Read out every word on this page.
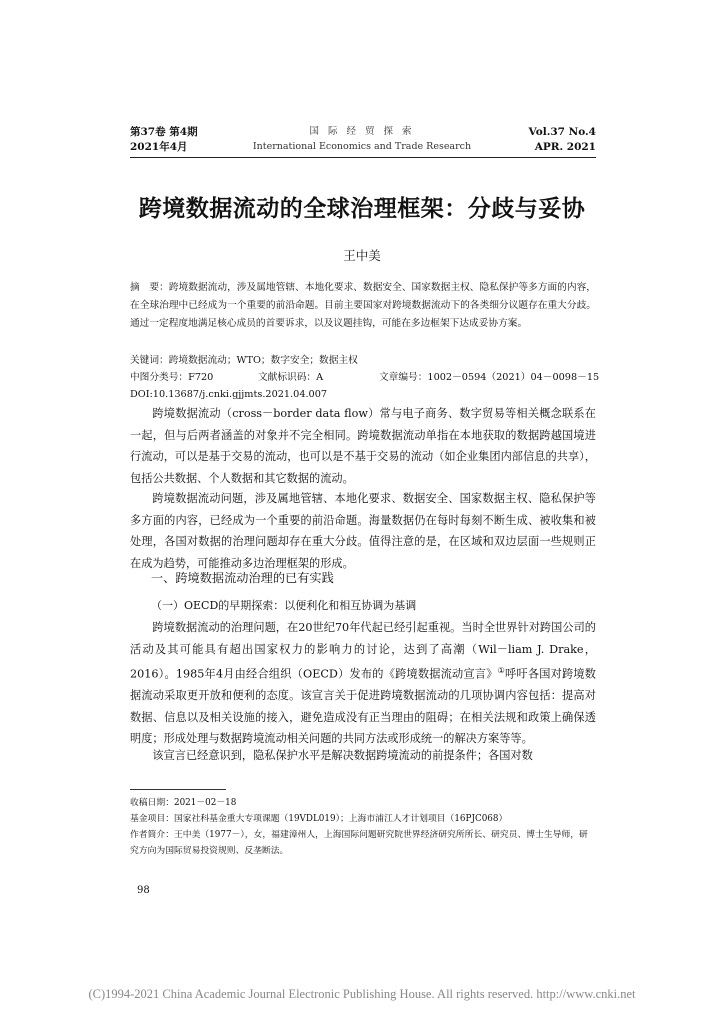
第37卷 第4期
2021年4月
国 际 经 贸 探 索
International Economics and Trade Research
Vol.37 No.4
APR. 2021
跨境数据流动的全球治理框架：分歧与妥协
王中美

摘　要：跨境数据流动，涉及属地管辖、本地化要求、数据安全、国家数据主权、隐私保护等多方面的内容，在全球治理中已经成为一个重要的前沿命题。目前主要国家对跨境数据流动下的各类细分议题存在重大分歧。通过一定程度地满足核心成员的首要诉求，以及议题挂钩，可能在多边框架下达成妥协方案。

关键词：跨境数据流动；WTO；数字安全；数据主权
中图分类号：F720	文献标识码：A	文章编号：1002－0594（2021）04－0098－15
DOI:10.13687/j.cnki.gjjmts.2021.04.007

跨境数据流动（cross－border data flow）常与电子商务、数字贸易等相关概念联系在一起，但与后两者涵盖的对象并不完全相同。跨境数据流动单指在本地获取的数据跨越国境进行流动，可以是基于交易的流动，也可以是不基于交易的流动（如企业集团内部信息的共享），包括公共数据、个人数据和其它数据的流动。

跨境数据流动问题，涉及属地管辖、本地化要求、数据安全、国家数据主权、隐私保护等多方面的内容，已经成为一个重要的前沿命题。海量数据仍在每时每刻不断生成、被收集和被处理，各国对数据的治理问题却存在重大分歧。值得注意的是，在区域和双边层面一些规则正在成为趋势，可能推动多边治理框架的形成。

一、跨境数据流动治理的已有实践
（一）OECD的早期探索：以便利化和相互协调为基调

跨境数据流动的治理问题，在20世纪70年代起已经引起重视。当时全世界针对跨国公司的活动及其可能具有超出国家权力的影响力的讨论，达到了高潮（Wil－liam J. Drake，2016）。1985年4月由经合组织（OECD）发布的《跨境数据流动宣言》①呼吁各国对跨境数据流动采取更开放和便利的态度。该宣言关于促进跨境数据流动的几项协调内容包括：提高对数据、信息以及相关设施的接入，避免造成没有正当理由的阻碍；在相关法规和政策上确保透明度；形成处理与数据跨境流动相关问题的共同方法或形成统一的解决方案等等。

该宣言已经意识到，隐私保护水平是解决数据跨境流动的前提条件；各国对数

收稿日期：2021－02－18
基金项目：国家社科基金重大专项课题（19VDL019）；上海市浦江人才计划项目（16PJC068）
作者简介：王中美（1977－），女，福建漳州人，上海国际问题研究院世界经济研究所所长、研究员、博士生导师，研究方向为国际贸易投资规则、反垄断法。
98
(C)1994-2021 China Academic Journal Electronic Publishing House. All rights reserved. http://www.cnki.net
